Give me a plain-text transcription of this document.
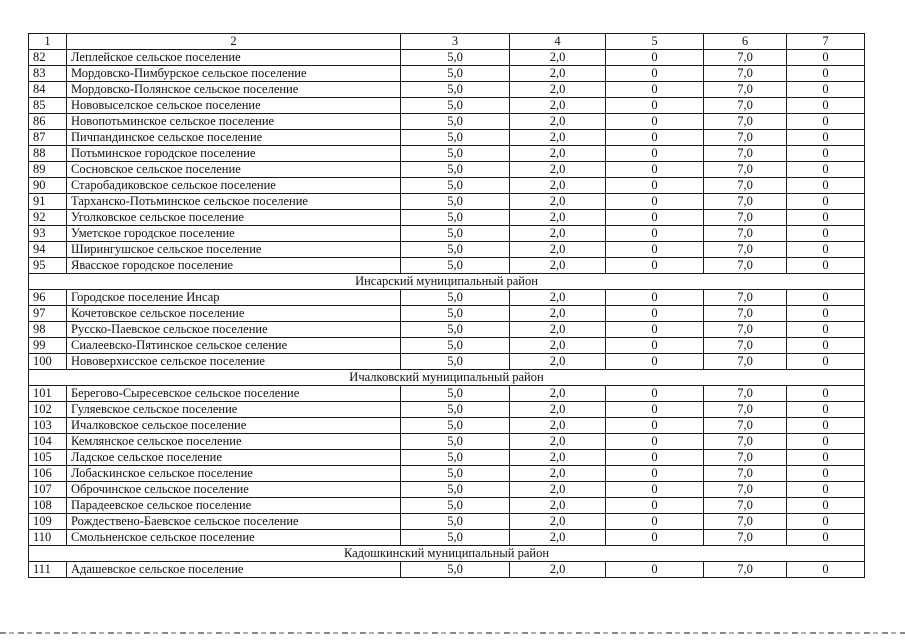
1	2	3	4	5	6	7
82	Леплейское сельское поселение	5,0	2,0	0	7,0	0
83	Мордовско-Пимбурское сельское поселение	5,0	2,0	0	7,0	0
84	Мордовско-Полянское сельское поселение	5,0	2,0	0	7,0	0
85	Нововыселское сельское поселение	5,0	2,0	0	7,0	0
86	Новопотьминское сельское поселение	5,0	2,0	0	7,0	0
87	Пичпандинское сельское поселение	5,0	2,0	0	7,0	0
88	Потьминское городское поселение	5,0	2,0	0	7,0	0
89	Сосновское сельское поселение	5,0	2,0	0	7,0	0
90	Старобадиковское сельское поселение	5,0	2,0	0	7,0	0
91	Тарханско-Потьминское сельское поселение	5,0	2,0	0	7,0	0
92	Уголковское сельское поселение	5,0	2,0	0	7,0	0
93	Уметское городское поселение	5,0	2,0	0	7,0	0
94	Ширингушское сельское поселение	5,0	2,0	0	7,0	0
95	Явасское городское поселение	5,0	2,0	0	7,0	0
Инсарский муниципальный район						
96	Городское поселение Инсар	5,0	2,0	0	7,0	0
97	Кочетовское сельское поселение	5,0	2,0	0	7,0	0
98	Русско-Паевское сельское поселение	5,0	2,0	0	7,0	0
99	Сиалеевско-Пятинское сельское селение	5,0	2,0	0	7,0	0
100	Нововерхисское сельское поселение	5,0	2,0	0	7,0	0
Ичалковский муниципальный район						
101	Берегово-Сыресевское сельское поселение	5,0	2,0	0	7,0	0
102	Гуляевское сельское поселение	5,0	2,0	0	7,0	0
103	Ичалковское сельское поселение	5,0	2,0	0	7,0	0
104	Кемлянское сельское поселение	5,0	2,0	0	7,0	0
105	Ладское сельское поселение	5,0	2,0	0	7,0	0
106	Лобаскинское сельское поселение	5,0	2,0	0	7,0	0
107	Оброчинское сельское поселение	5,0	2,0	0	7,0	0
108	Парадеевское сельское поселение	5,0	2,0	0	7,0	0
109	Рождествено-Баевское сельское поселение	5,0	2,0	0	7,0	0
110	Смольненское сельское поселение	5,0	2,0	0	7,0	0
Кадошкинский муниципальный район						
111	Адашевское сельское поселение	5,0	2,0	0	7,0	0
